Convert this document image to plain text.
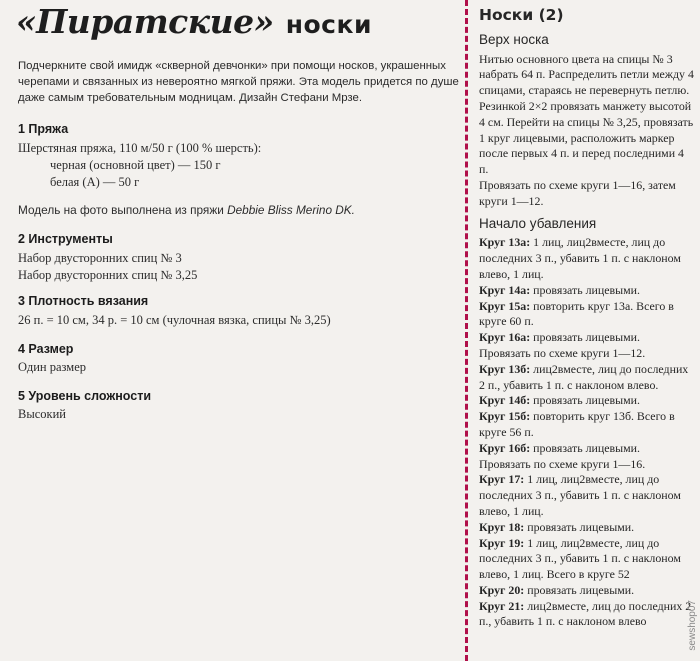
«Пиратские» носки
Подчеркните свой имидж «скверной девчонки» при помощи носков, украшенных черепами и связанных из невероятно мягкой пряжи. Эта модель придется по душе даже самым требовательным модницам. Дизайн Стефани Мрзе.
1 Пряжа
Шерстяная пряжа, 110 м/50 г (100 % шерсть):
черная (основной цвет) — 150 г
белая (А) — 50 г
Модель на фото выполнена из пряжи Debbie Bliss Merino DK.
2 Инструменты
Набор двусторонних спиц № 3
Набор двусторонних спиц № 3,25
3 Плотность вязания
26 п. = 10 см, 34 р. = 10 см (чулочная вязка, спицы № 3,25)
4 Размер
Один размер
5 Уровень сложности
Высокий
Носки (2)
Верх носка

Нитью основного цвета на спицы № 3 набрать 64 п. Распределить петли между 4 спицами, стараясь не перевернуть петлю.

Резинкой 2×2 провязать манжету высотой 4 см. Перейти на спицы № 3,25, провязать 1 круг лицевыми, расположить маркер после первых 4 п. и перед последними 4 п.

Провязать по схеме круги 1—16, затем круги 1—12.

Начало убавления

Круг 13а: 1 лиц, лиц2вместе, лиц до последних 3 п., убавить 1 п. с наклоном влево, 1 лиц.

Круг 14а: провязать лицевыми.

Круг 15а: повторить круг 13а. Всего в круге 60 п.

Круг 16а: провязать лицевыми.

Провязать по схеме круги 1—12.

Круг 13б: лиц2вместе, лиц до последних 2 п., убавить 1 п. с наклоном влево.

Круг 14б: провязать лицевыми.

Круг 15б: повторить круг 13б. Всего в круге 56 п.

Круг 16б: провязать лицевыми.

Провязать по схеме круги 1—16.

Круг 17: 1 лиц, лиц2вместе, лиц до последних 3 п., убавить 1 п. с наклоном влево, 1 лиц.

Круг 18: провязать лицевыми.

Круг 19: 1 лиц, лиц2вместе, лиц до последних 3 п., убавить 1 п. с наклоном влево, 1 лиц. Всего в круге 52

Круг 20: провязать лицевыми.

Круг 21: лиц2вместе, лиц до последних 2 п., убавить 1 п. с наклоном влево	sewshop07
